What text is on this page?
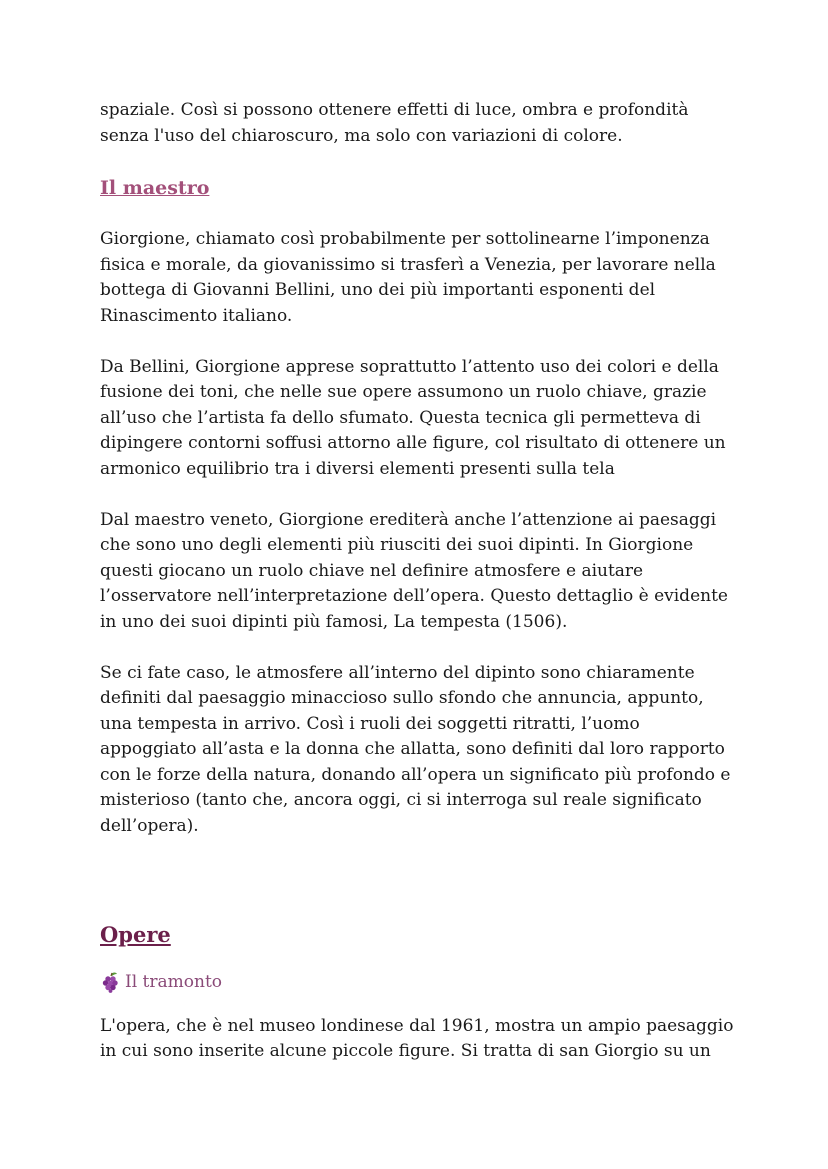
spaziale. Così si possono ottenere effetti di luce, ombra e profondità
senza l'uso del chiaroscuro, ma solo con variazioni di colore.

Il maestro

Giorgione, chiamato così probabilmente per sottolinearne l’imponenza
fisica e morale, da giovanissimo si trasferì a Venezia, per lavorare nella
bottega di Giovanni Bellini, uno dei più importanti esponenti del
Rinascimento italiano.

Da Bellini, Giorgione apprese soprattutto l’attento uso dei colori e della
fusione dei toni, che nelle sue opere assumono un ruolo chiave, grazie
all’uso che l’artista fa dello sfumato. Questa tecnica gli permetteva di
dipingere contorni soffusi attorno alle figure, col risultato di ottenere un
armonico equilibrio tra i diversi elementi presenti sulla tela

Dal maestro veneto, Giorgione erediterà anche l’attenzione ai paesaggi
che sono uno degli elementi più riusciti dei suoi dipinti. In Giorgione
questi giocano un ruolo chiave nel definire atmosfere e aiutare
l’osservatore nell’interpretazione dell’opera. Questo dettaglio è evidente
in uno dei suoi dipinti più famosi, La tempesta (1506).

Se ci fate caso, le atmosfere all’interno del dipinto sono chiaramente
definiti dal paesaggio minaccioso sullo sfondo che annuncia, appunto,
una tempesta in arrivo. Così i ruoli dei soggetti ritratti, l’uomo
appoggiato all’asta e la donna che allatta, sono definiti dal loro rapporto
con le forze della natura, donando all’opera un significato più profondo e
misterioso (tanto che, ancora oggi, ci si interroga sul reale significato
dell’opera).

Opere
Il tramonto

L'opera, che è nel museo londinese dal 1961, mostra un ampio paesaggio
in cui sono inserite alcune piccole figure. Si tratta di san Giorgio su un
